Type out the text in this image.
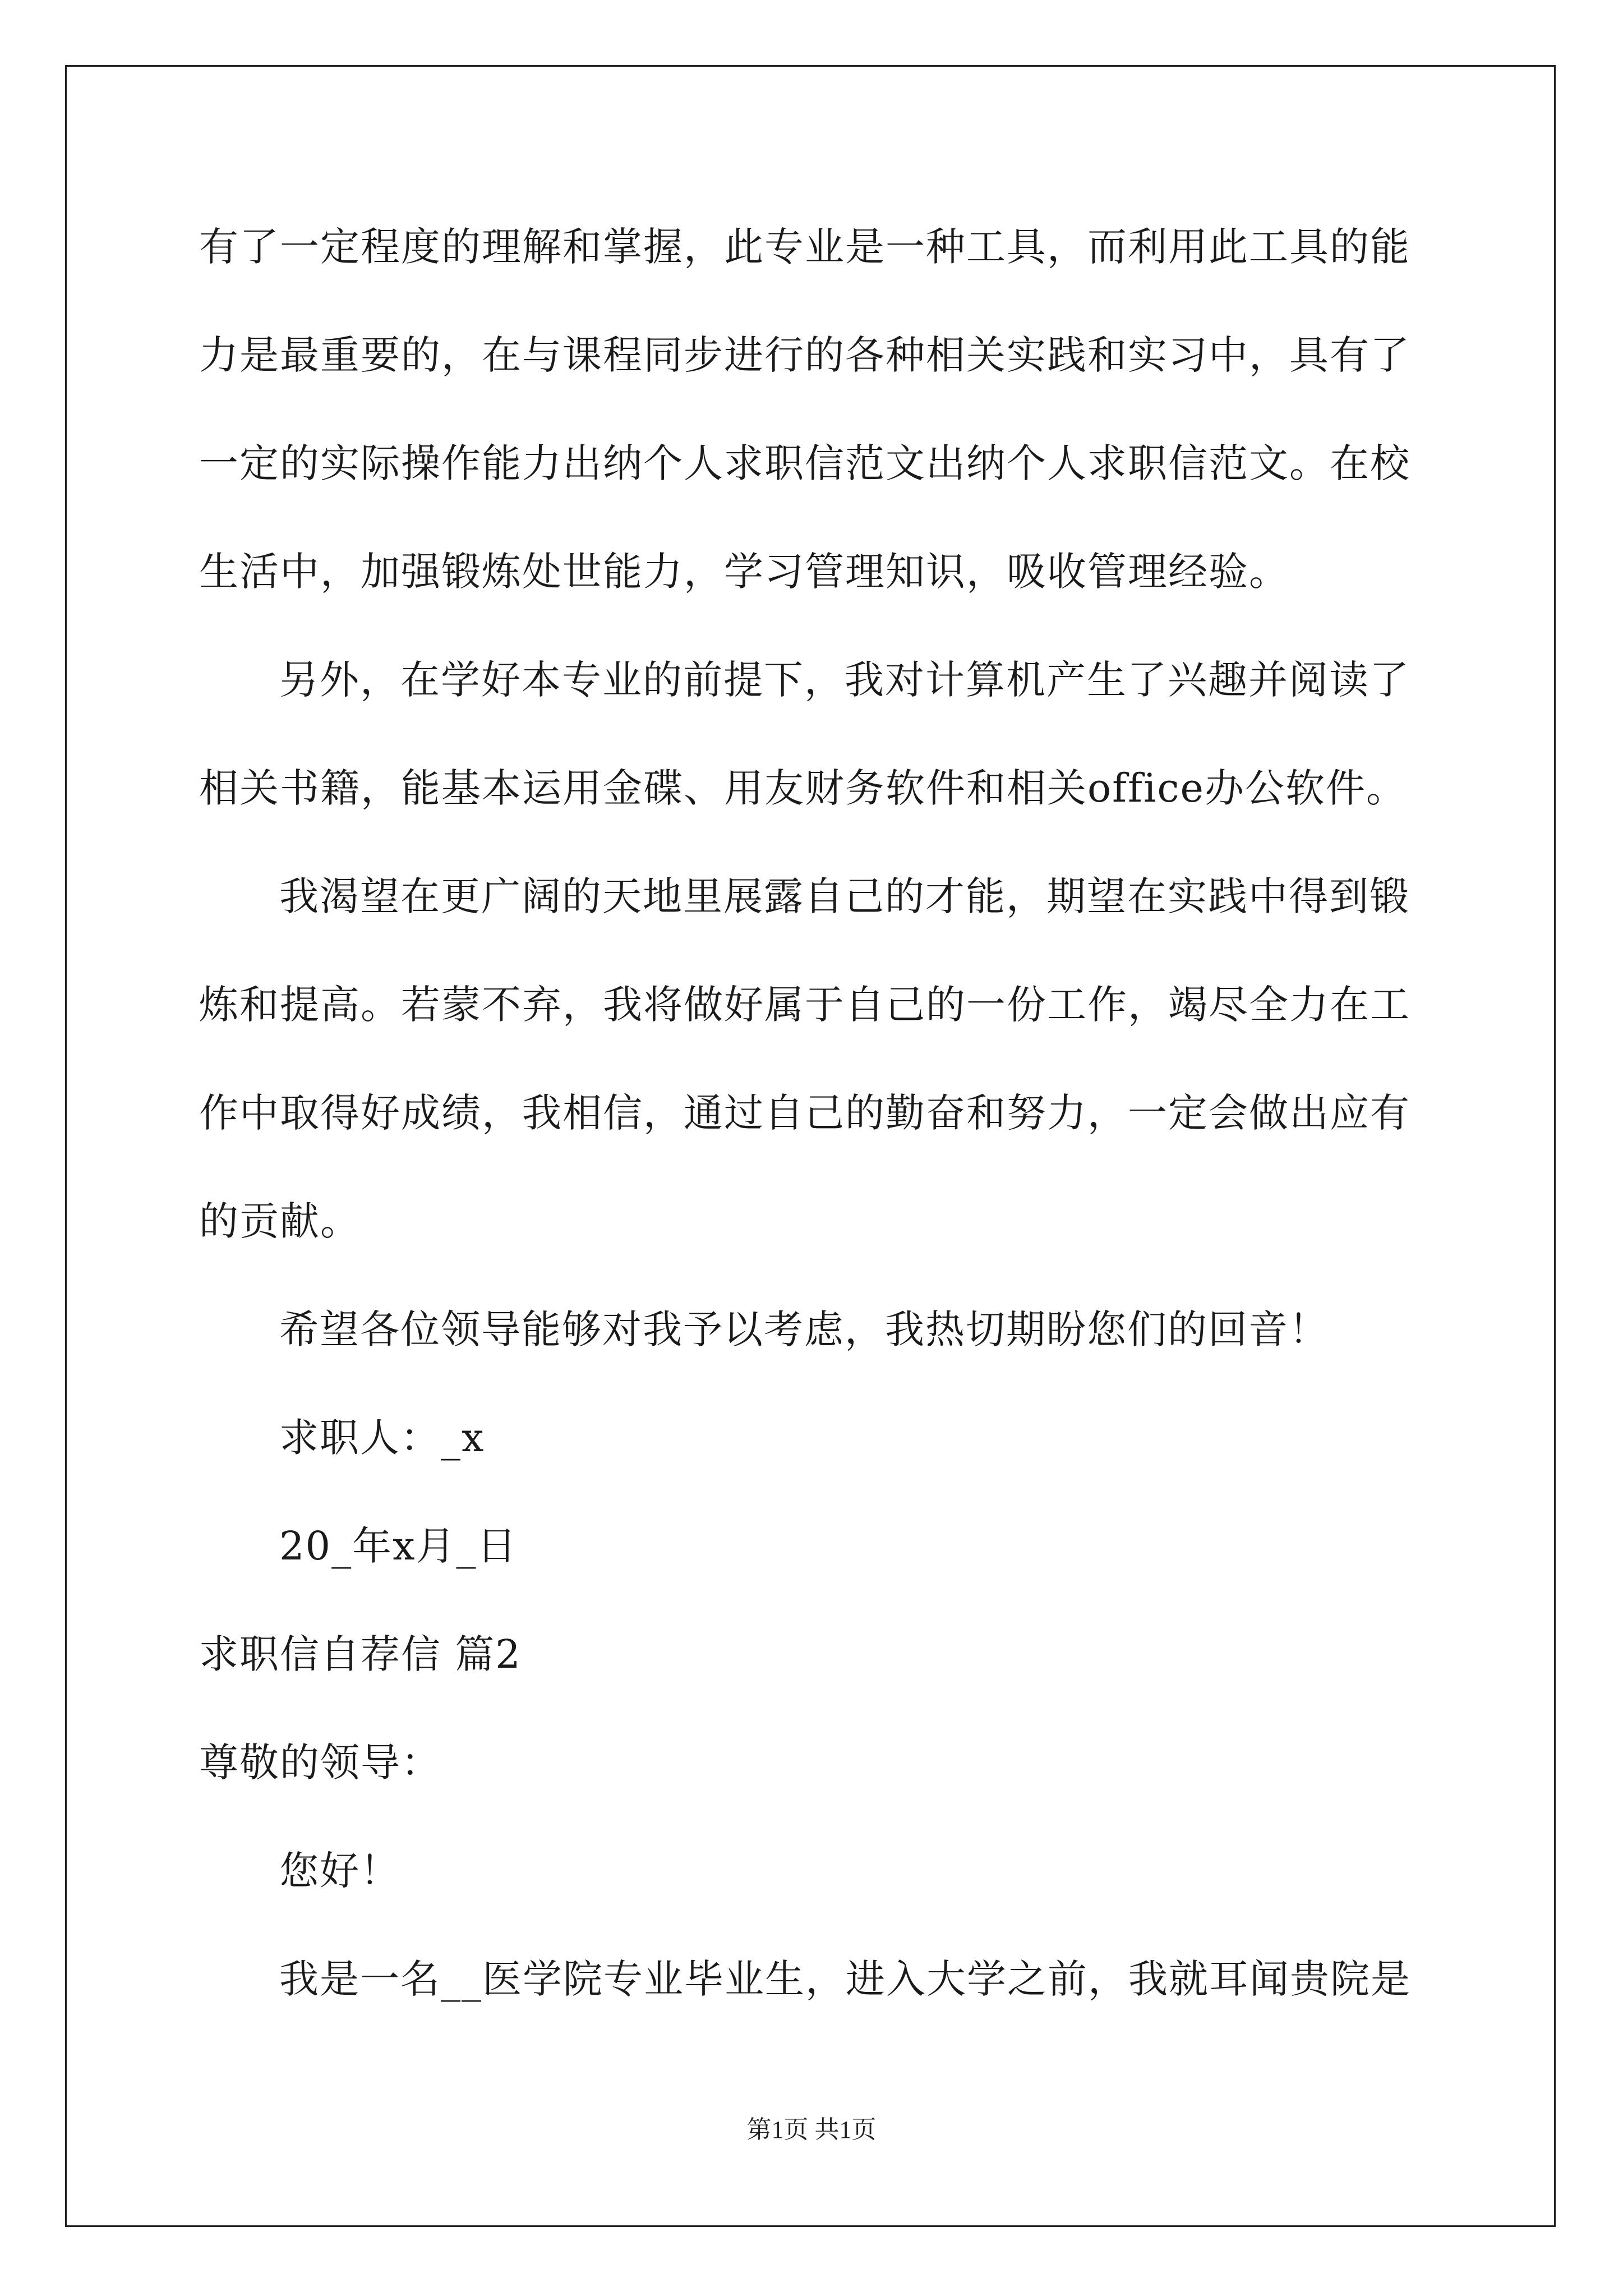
有了一定程度的理解和掌握，此专业是一种工具，而利用此工具的能
力是最重要的，在与课程同步进行的各种相关实践和实习中，具有了
一定的实际操作能力出纳个人求职信范文出纳个人求职信范文。在校
生活中，加强锻炼处世能力，学习管理知识，吸收管理经验。
另外，在学好本专业的前提下，我对计算机产生了兴趣并阅读了
相关书籍，能基本运用金碟、用友财务软件和相关office办公软件。
我渴望在更广阔的天地里展露自己的才能，期望在实践中得到锻
炼和提高。若蒙不弃，我将做好属于自己的一份工作，竭尽全力在工
作中取得好成绩，我相信，通过自己的勤奋和努力，一定会做出应有
的贡献。
希望各位领导能够对我予以考虑，我热切期盼您们的回音！
求职人：_x
20_年x月_日
求职信自荐信 篇2
尊敬的领导：
您好！
我是一名__医学院专业毕业生，进入大学之前，我就耳闻贵院是
第1页 共1页
